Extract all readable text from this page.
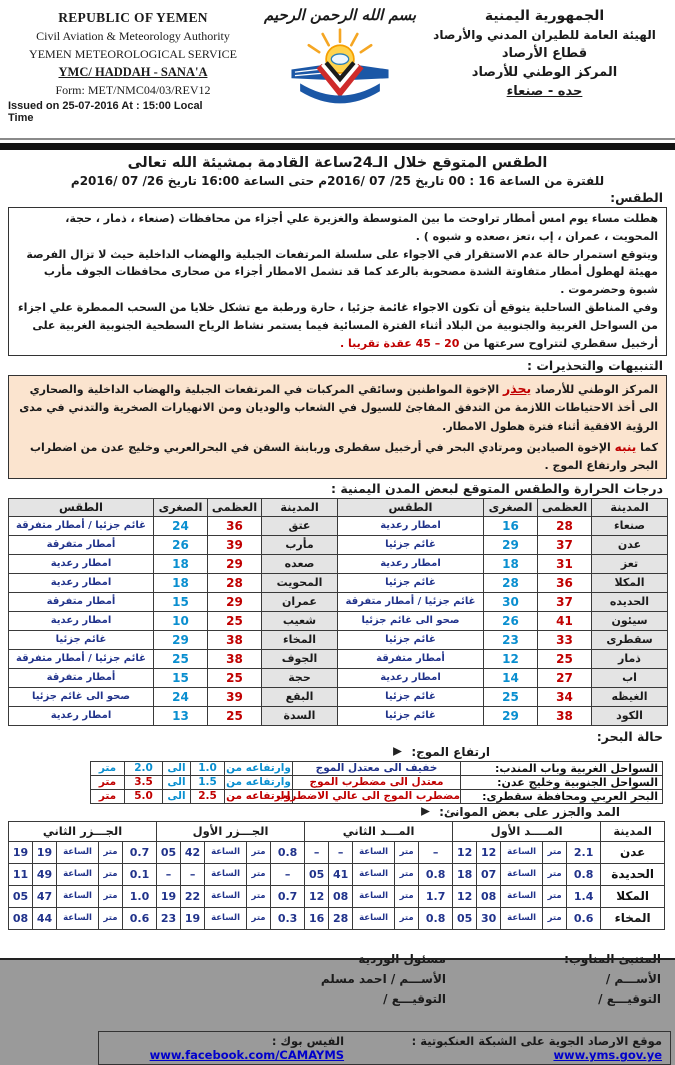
REPUBLIC OF YEMEN
Civil Aviation & Meteorology Authority
YEMEN METEOROLOGICAL SERVICE
YMC/ HADDAH - SANA'A
Form: MET/NMC04/03/REV12
Issued on 25-07-2016 At : 15:00 Local
Time
بسم الله الرحمن الرحيم	الجمهورية اليمنية
الهيئة العامة للطيران المدني والأرصاد
قطاع الأرصاد
المركز الوطني للأرصاد
حده - صنعاء
الطقس المتوقع خلال الـ24ساعة القادمة بمشيئة الله تعالى
للفترة من الساعة 16 : 00 تاريخ 25/ 07 /2016م حتى الساعة 16:00 تاريخ 26/ 07 /2016م
الطقس:

هطلت مساء يوم امس أمطار تراوحت ما بين المتوسطة والغزيرة علي أجزاء من محافظات (صنعاء ، ذمار ، حجة، المحويت ، عمران ، إب ،تعز ،صعده و شبوه ) .

ويتوقع استمرار حالة عدم الاستقرار في الاجواء على سلسلة المرتفعات الجبلية والهضاب الداخلية حيث لا تزال الفرصة مهيئة لهطول أمطار متفاوتة الشدة مصحوبة بالرعد كما قد تشمل الامطار أجزاء من صحارى محافظات الجوف مأرب شبوة وحضرموت .

وفي المناطق الساحلية يتوقع أن تكون الاجواء غائمة جزئيا ، حارة ورطبة مع تشكل خلايا من السحب الممطرة علي اجزاء من السواحل الغربية والجنوبية من البلاد أثناء الفترة المسائية فيما يستمر نشاط الرياح السطحية الجنوبية الغربية على أرخبيل سقطري لتتراوح سرعتها من 20 – 45 عقدة تقريبا .

التنبيهات والتحذيرات :

المركز الوطني للأرصاد يحذر الإخوة المواطنين وسائقي المركبات في المرتفعات الجبلية والهضاب الداخلية والصحاري الى أخذ الاحتياطات اللازمة من التدفق المفاجئ للسيول في الشعاب والوديان ومن الانهيارات الصخرية والتدني في مدى الرؤية الافقية أثناء فترة هطول الامطار.

كما ينبه الإخوة الصيادين ومرتادي البحر في أرخبيل سقطرى وربابنة السفن في البحرالعربي وخليج عدن من اضطراب البحر وارتفاع الموج .

درجات الحرارة والطقس المتوقع لبعض المدن اليمنية :
المدينة	العظمى	الصغرى	الطقس	المدينة	العظمى	الصغرى	الطقس
صنعاء	28	16	امطار رعدية	عتق	36	24	غائم جزئيا / أمطار متفرقة
عدن	37	29	غائم جزئيا	مأرب	39	26	أمطار متفرقة
تعز	31	18	امطار رعدية	صعده	29	18	امطار رعدية
المكلا	36	28	غائم جزئيا	المحويت	28	18	امطار رعدية
الحديده	37	30	غائم جزئيا / أمطار متفرقة	عمران	29	15	أمطار متفرقة
سيئون	41	26	صحو الى غائم جزئيا	شعيب	25	10	امطار رعدية
سقطرى	33	23	غائم جزئيا	المخاء	38	29	غائم جزئيا
ذمار	25	12	أمطار متفرقة	الجوف	38	25	غائم جزئيا / أمطار متفرقة
اب	27	14	امطار رعدية	حجة	25	15	أمطار متفرقة
الغيظه	34	25	غائم جزئيا	البقع	39	24	صحو الى غائم جزئيا
الكود	38	29	غائم جزئيا	السدة	25	13	امطار رعدية
حالة البحر:
ارتفاع الموج:
السواحل الغربية وباب المندب:	خفيف الى معتدل الموج	وارتفاعه من	1.0	الى	2.0	متر
السواحل الجنوبية وخليج عدن:	معتدل الى مضطرب الموج	وارتفاعه من	1.5	الى	3.5	متر
البحر العربي ومحافظة سقطرى:	مضطرب الموج الى عالي الاضطراب	وارتفاعه من	2.5	الى	5.0	متر
المد والجزر على بعض الموانئ:
المدينة	المــــد الأول					المـــد الثاني					الجـــزر الأول					الجـــزر الثاني				
عدن	2.1	متر	الساعة	12	12	–	متر	الساعة	–	–	0.8	متر	الساعة	42	05	0.7	متر	الساعة	19	19
الحديدة	0.8	متر	الساعة	07	18	0.8	متر	الساعة	41	05	–	متر	الساعة	–	–	0.1	متر	الساعة	49	11
المكلا	1.4	متر	الساعة	08	12	1.7	متر	الساعة	08	12	0.7	متر	الساعة	22	19	1.0	متر	الساعة	47	05
المخاء	0.6	متر	الساعة	30	05	0.8	متر	الساعة	28	16	0.3	متر	الساعة	19	23	0.6	متر	الساعة	44	08
الأســـم /
التوقيـــع /
الأســـم / احمد مسلم
التوقيـــع /
موقع الارصاد الجوية على الشبكة العنكبوتية : www.yms.gov.ye
الفيس بوك : www.facebook.com/CAMAYMS
